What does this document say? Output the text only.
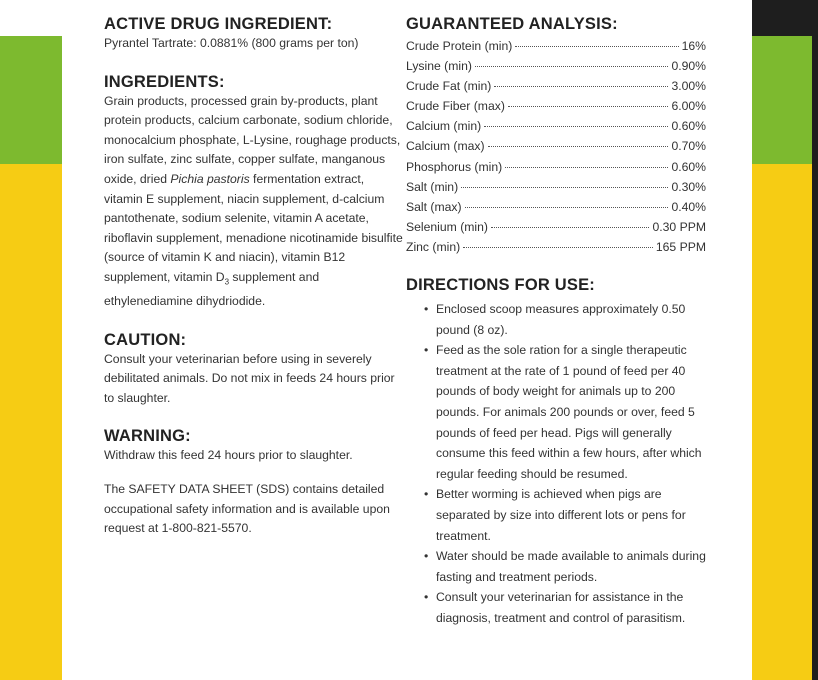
ACTIVE DRUG INGREDIENT:

Pyrantel Tartrate: 0.0881% (800 grams per ton)

INGREDIENTS:

Grain products, processed grain by-products, plant protein products, calcium carbonate, sodium chloride, monocalcium phosphate, L-Lysine, roughage products, iron sulfate, zinc sulfate, copper sulfate, manganous oxide, dried Pichia pastoris fermentation extract, vitamin E supplement, niacin supplement, d-calcium pantothenate, sodium selenite, vitamin A acetate, riboflavin supplement, menadione nicotinamide bisulfite (source of vitamin K and niacin), vitamin B12 supplement, vitamin $D_3$ supplement and ethylenediamine dihydriodide.

CAUTION:

Consult your veterinarian before using in severely debilitated animals. Do not mix in feeds 24 hours prior to slaughter.

WARNING:

Withdraw this feed 24 hours prior to slaughter.

The SAFETY DATA SHEET (SDS) contains detailed occupational safety information and is available upon request at 1-800-821-5570.

GUARANTEED ANALYSIS:
Crude Protein (min)	16%
Lysine (min)	0.90%
Crude Fat (min)	3.00%
Crude Fiber (max)	6.00%
Calcium (min)	0.60%
Calcium (max)	0.70%
Phosphorus (min)	0.60%
Salt (min)	0.30%
Salt (max)	0.40%
Selenium (min)	0.30 PPM
Zinc (min)	165 PPM
DIRECTIONS FOR USE:
• Enclosed scoop measures approximately 0.50 pound (8 oz).
• Feed as the sole ration for a single therapeutic treatment at the rate of 1 pound of feed per 40 pounds of body weight for animals up to 200 pounds. For animals 200 pounds or over, feed 5 pounds of feed per head. Pigs will generally consume this feed within a few hours, after which regular feeding should be resumed.
• Better worming is achieved when pigs are separated by size into different lots or pens for treatment.
• Water should be made available to animals during fasting and treatment periods.
• Consult your veterinarian for assistance in the diagnosis, treatment and control of parasitism.
